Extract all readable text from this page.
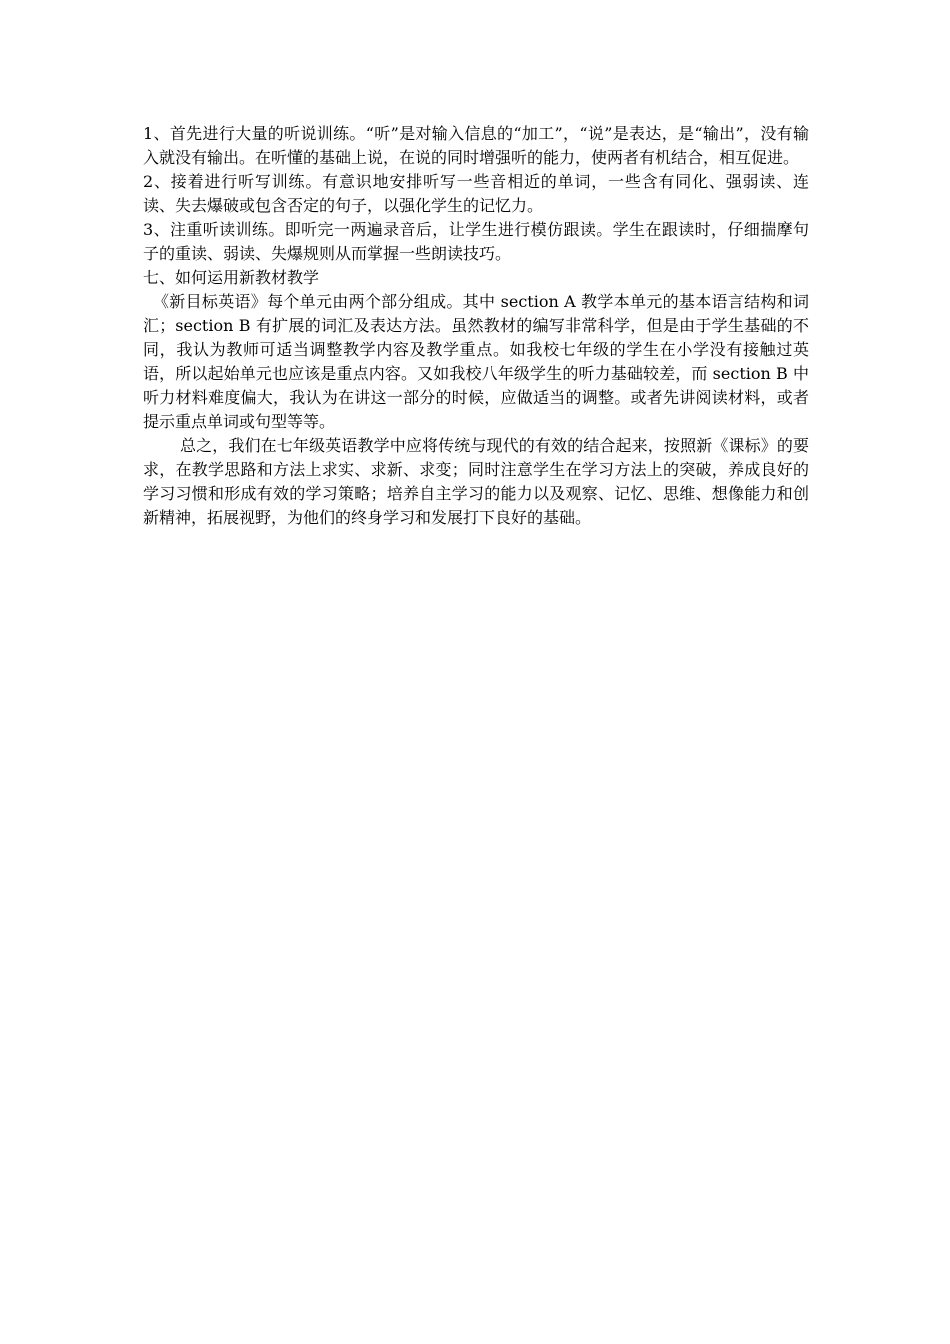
1、首先进行大量的听说训练。“听”是对输入信息的“加工”，“说”是表达，是“输出”，没有输入就没有输出。在听懂的基础上说，在说的同时增强听的能力，使两者有机结合，相互促进。

2、接着进行听写训练。有意识地安排听写一些音相近的单词，一些含有同化、强弱读、连读、失去爆破或包含否定的句子，以强化学生的记忆力。

3、注重听读训练。即听完一两遍录音后，让学生进行模仿跟读。学生在跟读时，仔细揣摩句子的重读、弱读、失爆规则从而掌握一些朗读技巧。

七、如何运用新教材教学

《新目标英语》每个单元由两个部分组成。其中 section A 教学本单元的基本语言结构和词汇；section B 有扩展的词汇及表达方法。虽然教材的编写非常科学，但是由于学生基础的不同，我认为教师可适当调整教学内容及教学重点。如我校七年级的学生在小学没有接触过英语，所以起始单元也应该是重点内容。又如我校八年级学生的听力基础较差，而 section B 中听力材料难度偏大，我认为在讲这一部分的时候，应做适当的调整。或者先讲阅读材料，或者提示重点单词或句型等等。

总之，我们在七年级英语教学中应将传统与现代的有效的结合起来，按照新《课标》的要求，在教学思路和方法上求实、求新、求变；同时注意学生在学习方法上的突破，养成良好的学习习惯和形成有效的学习策略；培养自主学习的能力以及观察、记忆、思维、想像能力和创新精神，拓展视野，为他们的终身学习和发展打下良好的基础。
